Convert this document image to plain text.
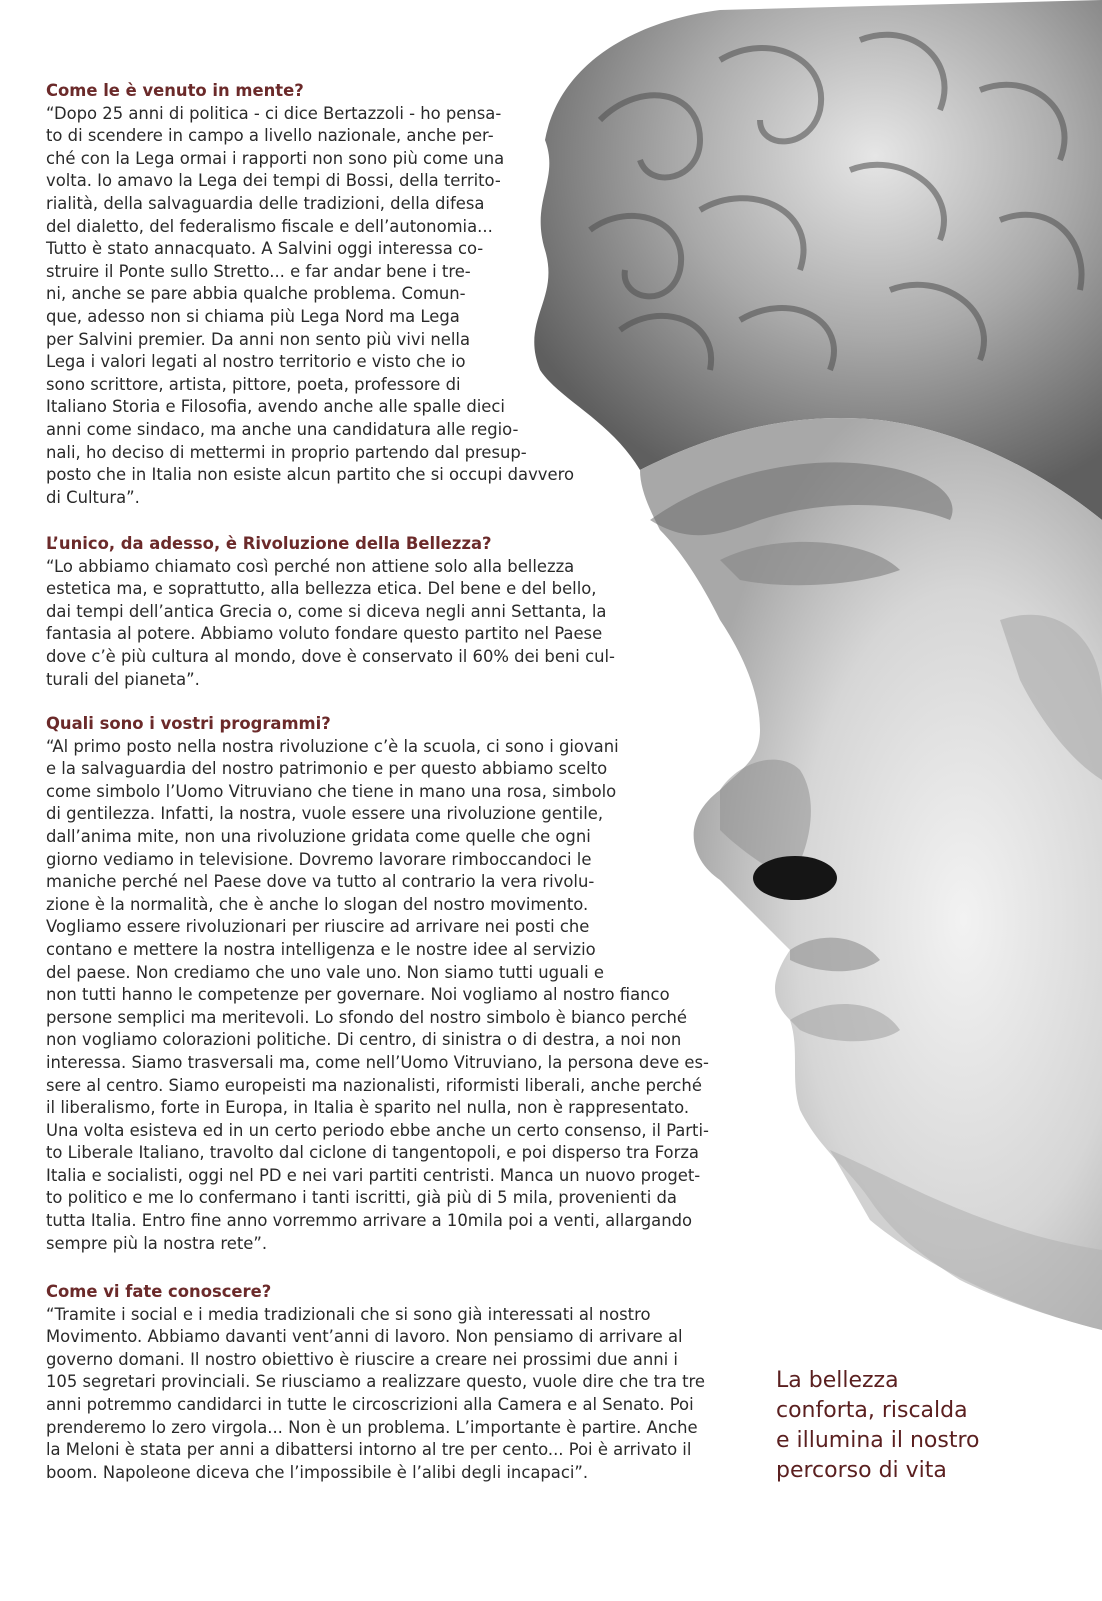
Come le è venuto in mente?
“Dopo 25 anni di politica - ci dice Bertazzoli - ho pensa-
to di scendere in campo a livello nazionale, anche per-
ché con la Lega ormai i rapporti non sono più come una
volta. Io amavo la Lega dei tempi di Bossi, della territo-
rialità, della salvaguardia delle tradizioni, della difesa
del dialetto, del federalismo fiscale e dell’autonomia...
Tutto è stato annacquato. A Salvini oggi interessa co-
struire il Ponte sullo Stretto... e far andar bene i tre-
ni, anche se pare abbia qualche problema. Comun-
que, adesso non si chiama più Lega Nord ma Lega
per Salvini premier. Da anni non sento più vivi nella
Lega i valori legati al nostro territorio e visto che io
sono scrittore, artista, pittore, poeta, professore di
Italiano Storia e Filosofia, avendo anche alle spalle dieci
anni come sindaco, ma anche una candidatura alle regio-
nali, ho deciso di mettermi in proprio partendo dal presup-
posto che in Italia non esiste alcun partito che si occupi davvero
di Cultura”.
L’unico, da adesso, è Rivoluzione della Bellezza?
“Lo abbiamo chiamato così perché non attiene solo alla bellezza
estetica ma, e soprattutto, alla bellezza etica. Del bene e del bello,
dai tempi dell’antica Grecia o, come si diceva negli anni Settanta, la
fantasia al potere. Abbiamo voluto fondare questo partito nel Paese
dove c’è più cultura al mondo, dove è conservato il 60% dei beni cul-
turali del pianeta”.
Quali sono i vostri programmi?
“Al primo posto nella nostra rivoluzione c’è la scuola, ci sono i giovani
e la salvaguardia del nostro patrimonio e per questo abbiamo scelto
come simbolo l’Uomo Vitruviano che tiene in mano una rosa, simbolo
di gentilezza. Infatti, la nostra, vuole essere una rivoluzione gentile,
dall’anima mite, non una rivoluzione gridata come quelle che ogni
giorno vediamo in televisione. Dovremo lavorare rimboccandoci le
maniche perché nel Paese dove va tutto al contrario la vera rivolu-
zione è la normalità, che è anche lo slogan del nostro movimento.
Vogliamo essere rivoluzionari per riuscire ad arrivare nei posti che
contano e mettere la nostra intelligenza e le nostre idee al servizio
del paese. Non crediamo che uno vale uno. Non siamo tutti uguali e
non tutti hanno le competenze per governare. Noi vogliamo al nostro fianco
persone semplici ma meritevoli. Lo sfondo del nostro simbolo è bianco perché
non vogliamo colorazioni politiche. Di centro, di sinistra o di destra, a noi non
interessa. Siamo trasversali ma, come nell’Uomo Vitruviano, la persona deve es-
sere al centro. Siamo europeisti ma nazionalisti, riformisti liberali, anche perché
il liberalismo, forte in Europa, in Italia è sparito nel nulla, non è rappresentato.
Una volta esisteva ed in un certo periodo ebbe anche un certo consenso, il Parti-
to Liberale Italiano, travolto dal ciclone di tangentopoli, e poi disperso tra Forza
Italia e socialisti, oggi nel PD e nei vari partiti centristi. Manca un nuovo proget-
to politico e me lo confermano i tanti iscritti, già più di 5 mila, provenienti da
tutta Italia. Entro fine anno vorremmo arrivare a 10mila poi a venti, allargando
sempre più la nostra rete”.
Come vi fate conoscere?
“Tramite i social e i media tradizionali che si sono già interessati al nostro
Movimento. Abbiamo davanti vent’anni di lavoro. Non pensiamo di arrivare al
governo domani. Il nostro obiettivo è riuscire a creare nei prossimi due anni i
105 segretari provinciali. Se riusciamo a realizzare questo, vuole dire che tra tre
anni potremmo candidarci in tutte le circoscrizioni alla Camera e al Senato. Poi
prenderemo lo zero virgola... Non è un problema. L’importante è partire. Anche
la Meloni è stata per anni a dibattersi intorno al tre per cento... Poi è arrivato il
boom. Napoleone diceva che l’impossibile è l’alibi degli incapaci”.
La bellezza
conforta, riscalda
e illumina il nostro
percorso di vita
